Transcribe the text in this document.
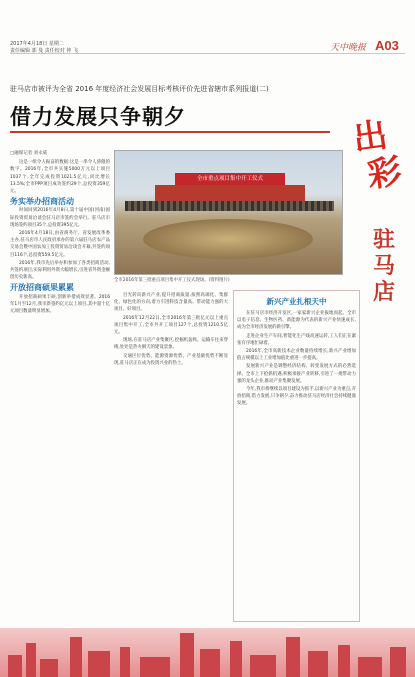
2017年4月18日 星期二
责任编辑 郭 曼 责任校对 仲 飞	天中晚报 A03
驻马店市被评为全省 2016 年度经济社会发展目标考核评价先进省辖市系列报道(二)
借力发展只争朝夕	出
彩
驻
马
店
□融媒记者 刘永威

这是一组令人振奋的数据:这是一串令人骄傲的数字。2016年,全市共实施5000万元以上项目1037个,全年完成投资1021.5亿元,同比增长13.5%;全市PPP项目成功签约29个,总投资359亿元。

务实举办招商活动

时间回到2016年4月8日,第十届中国(河南)国际投资贸易洽谈会驻马店市签约会举行。驻马店市现场签约项目35个,总投资395亿元。

2016年4月18日,由省商务厅、省发展改革委主办,驻马店市人民政府承办的第六届驻马店农产品交易会暨中国农加工投资贸易洽谈会开幕,共签约项目116个,总投资559.5亿元。

2016年,我市先后举办和参加了各类招商活动,共签约项目,实际利用外资大幅增长,引进省外资金额创历史新高。

开放招商硕果累累

开放招商硕果丰硕,创新举措成效显著。2016年1月至12月,我市新签约亿元以上项目,其中超十亿元项目数量明显增加。

全市重点项目集中开工仪式
全市2016年第三批重点项目集中开工仪式现场。(资料图片)

目光转向新兴产业,提升招商质量,按照高端化、集群化、绿色化的方向,着力引进科技含量高、带动能力强的大项目、好项目。

2016年12月22日,全市2016年第三批亿元以上重点项目集中开工,全市共开工项目127个,总投资1210.5亿元。

现场,在驻马店产业集聚区,挖掘机轰鸣、运输车往来穿梭,处处是热火朝天的建设景象。

交通区位优势、能源资源优势、产业基础优势不断显现,驻马店正在成为投资兴业的热土。

新兴产业扎根天中

在驻马店市经济开发区,一家家新兴企业拔地而起。全市以电子信息、生物医药、新能源为代表的新兴产业快速成长,成为全市经济发展的新引擎。

走进企业生产车间,智能化生产线高速运转,工人们正在紧张有序地忙碌着。

2016年,全市高新技术企业数量持续增长,新兴产业增加值占规模以上工业增加值比重进一步提高。

发展新兴产业是调整经济结构、转变发展方式的必然选择。全市上下抢抓机遇,积极承接产业转移,引进了一批带动力强的龙头企业,推动产业集聚发展。

今年,我市将继续以项目建设为抓手,以新兴产业为重点,开放招商,借力发展,只争朝夕,奋力推动驻马店经济社会持续健康发展。
